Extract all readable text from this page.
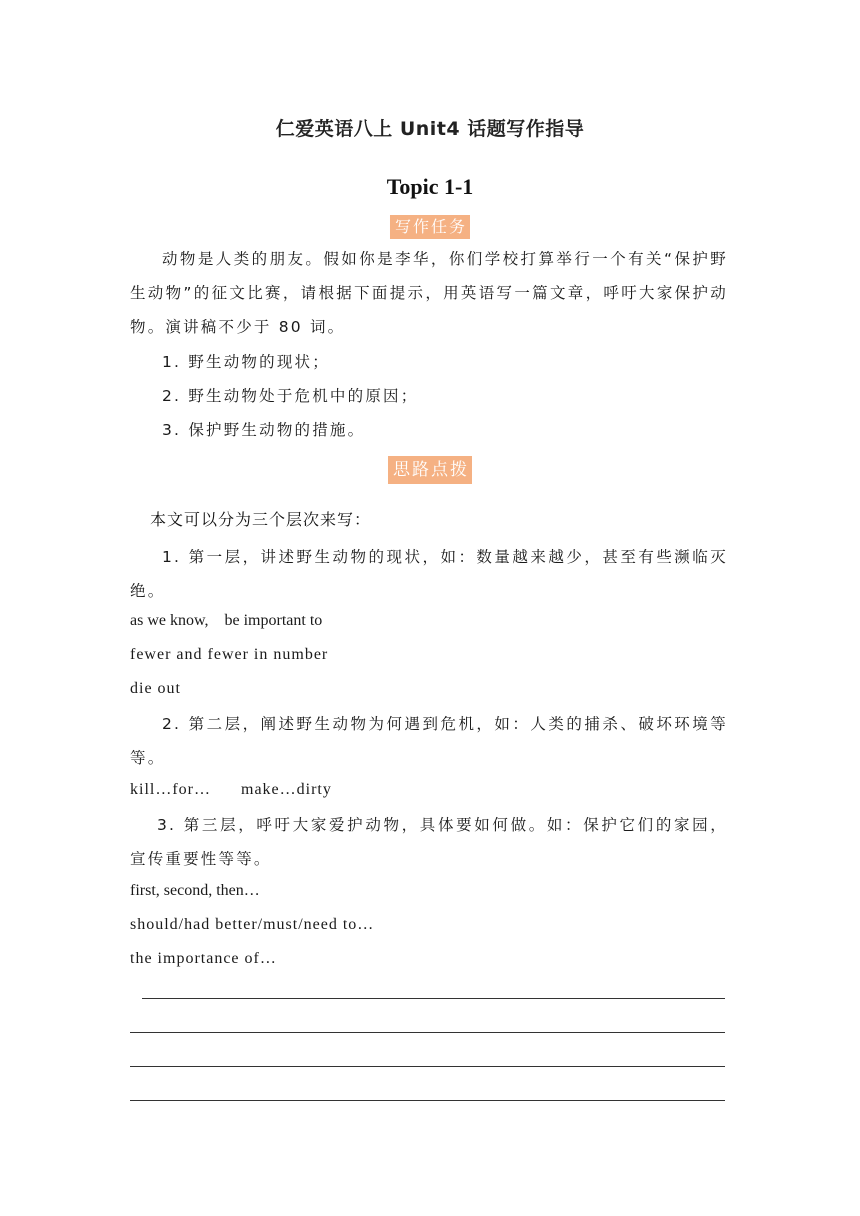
仁爱英语八上 Unit4 话题写作指导
Topic 1-1
写作任务
动物是人类的朋友。假如你是李华，你们学校打算举行一个有关“保护野生动物”的征文比赛，请根据下面提示，用英语写一篇文章，呼吁大家保护动物。演讲稿不少于 80 词。
1. 野生动物的现状；
2. 野生动物处于危机中的原因；
3. 保护野生动物的措施。
思路点拨
本文可以分为三个层次来写：
1. 第一层，讲述野生动物的现状，如：数量越来越少，甚至有些濒临灭绝。
as we know,    be important to
fewer and fewer in number
die out
2. 第二层，阐述野生动物为何遇到危机，如：人类的捕杀、破坏环境等等。
kill…for…      make…dirty
3. 第三层，呼吁大家爱护动物，具体要如何做。如：保护它们的家园，宣传重要性等等。
first, second, then…
should/had better/must/need to…
the importance of…
